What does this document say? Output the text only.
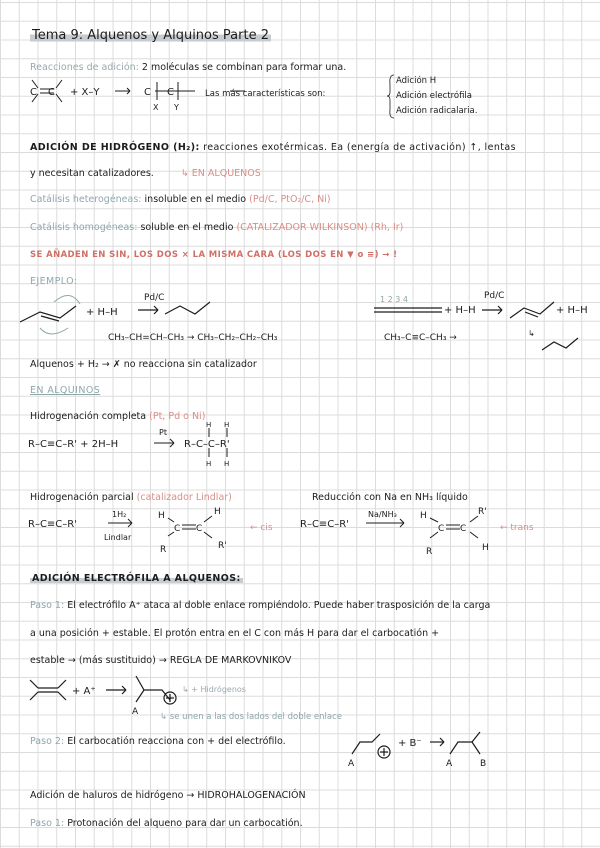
Tema 9: Alquenos y Alquinos Parte 2
Reacciones de adición: 2 moléculas se combinan para formar una.
+ X–Y	C C
X Y
C C	Las más características son:
Adición H
Adición electrófila
Adición radicalaria.
ADICIÓN DE HIDRÓGENO (H₂): reacciones exotérmicas. Ea (energía de activación) ↑, lentas
y necesitan catalizadores.	↳ EN ALQUENOS
Catálisis heterogéneas: insoluble en el medio (Pd/C, PtO₂/C, Ni)
Catálisis homogéneas: soluble en el medio (CATALIZADOR WILKINSON) (Rh, Ir)
SE AÑADEN EN SIN, LOS DOS × LA MISMA CARA (LOS DOS EN ▼ o ≡) → !
EJEMPLO:
Pd/C
+ H–H
CH₃–CH=CH–CH₃ → CH₃–CH₂–CH₂–CH₃
1 2 3 4
+ H–H
Pd/C
+ H–H
CH₃–C≡C–CH₃ →	↳
Alquenos + H₂ → ✗ no reacciona sin catalizador
EN ALQUINOS
Hidrogenación completa (Pt, Pd o Ni)
R–C≡C–R' + 2H–H
Pt
R–C–C–R'
H H
H H
Hidrogenación parcial (catalizador Lindlar)	Reducción con Na en NH₃ líquido
R–C≡C–R'
1H₂
Lindlar
H	H
C C
R	R'
← cis	R–C≡C–R'
Na/NH₃	H	R'
C C
R	H
← trans
ADICIÓN ELECTRÓFILA A ALQUENOS:
Paso 1: El electrófilo A⁺ ataca al doble enlace rompiéndolo. Puede haber trasposición de la carga
a una posición + estable. El protón entra en el C con más H para dar el carbocatión +
estable → (más sustituido) → REGLA DE MARKOVNIKOV
+ A⁺
A
↳ + Hidrógenos
↳ se unen a las dos lados del doble enlace
Paso 2: El carbocatión reacciona con + del electrófilo.	+ B⁻
A	A	B
Adición de haluros de hidrógeno → HIDROHALOGENACIÓN
Paso 1: Protonación del alqueno para dar un carbocatión.
